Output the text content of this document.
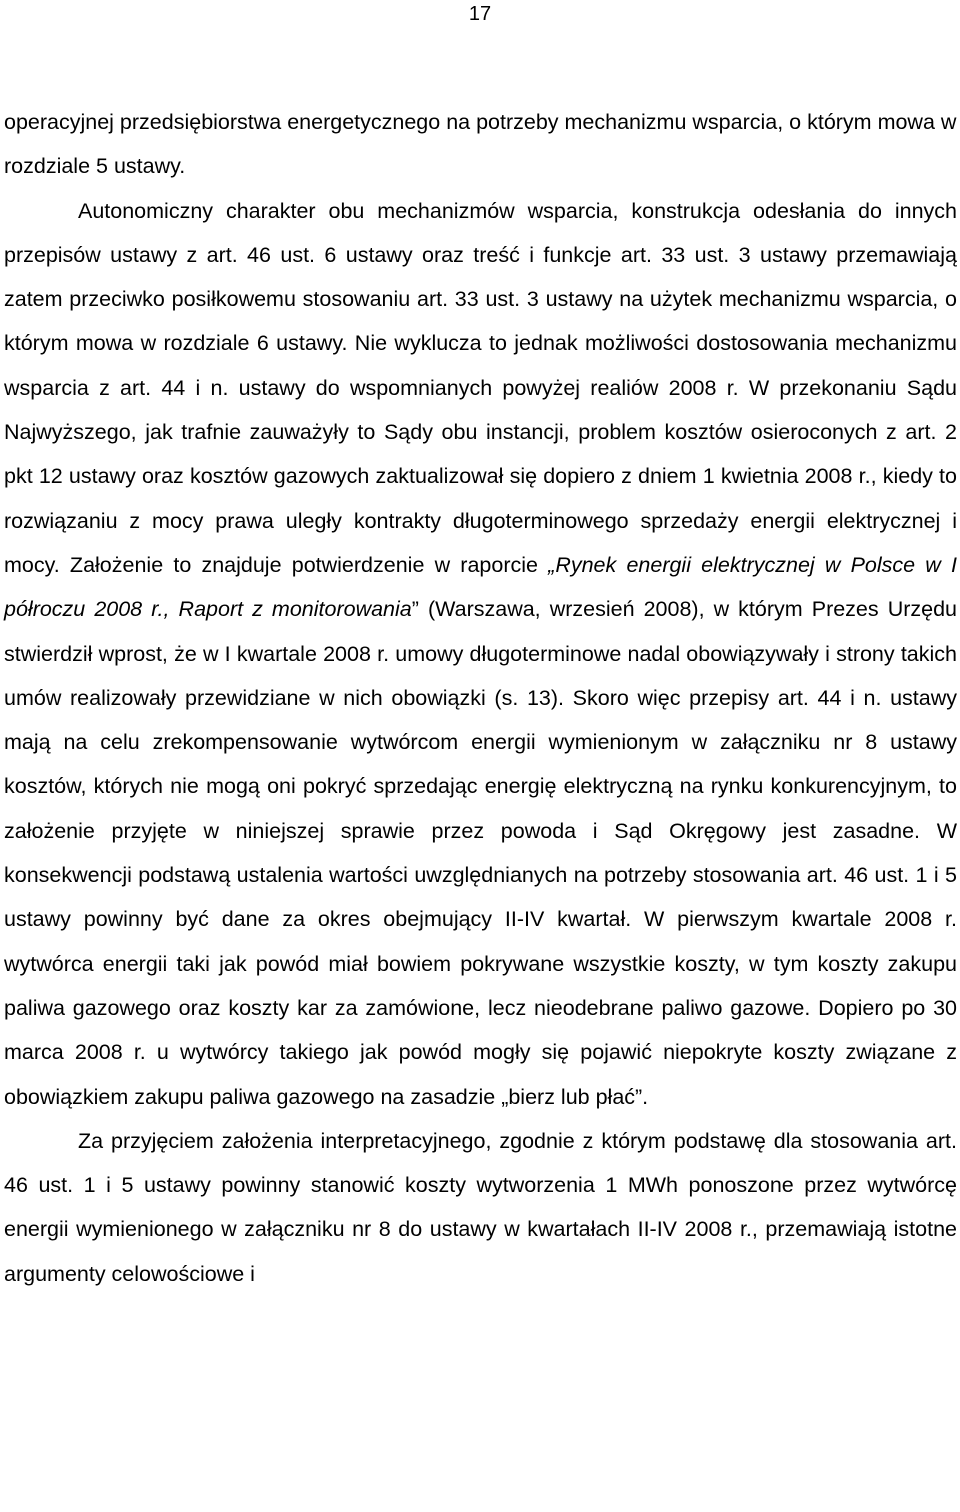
17

operacyjnej przedsiębiorstwa energetycznego na potrzeby mechanizmu wsparcia, o którym mowa w rozdziale 5 ustawy.

Autonomiczny charakter obu mechanizmów wsparcia, konstrukcja odesłania do innych przepisów ustawy z art. 46 ust. 6 ustawy oraz treść i funkcje art. 33 ust. 3 ustawy przemawiają zatem przeciwko posiłkowemu stosowaniu art. 33 ust. 3 ustawy na użytek mechanizmu wsparcia, o którym mowa w rozdziale 6 ustawy. Nie wyklucza to jednak możliwości dostosowania mechanizmu wsparcia z art. 44 i n. ustawy do wspomnianych powyżej realiów 2008 r. W przekonaniu Sądu Najwyższego, jak trafnie zauważyły to Sądy obu instancji, problem kosztów osieroconych z art. 2 pkt 12 ustawy oraz kosztów gazowych zaktualizował się dopiero z dniem 1 kwietnia 2008 r., kiedy to rozwiązaniu z mocy prawa uległy kontrakty długoterminowego sprzedaży energii elektrycznej i mocy. Założenie to znajduje potwierdzenie w raporcie „Rynek energii elektrycznej w Polsce w I półroczu 2008 r., Raport z monitorowania” (Warszawa, wrzesień 2008), w którym Prezes Urzędu stwierdził wprost, że w I kwartale 2008 r. umowy długoterminowe nadal obowiązywały i strony takich umów realizowały przewidziane w nich obowiązki (s. 13). Skoro więc przepisy art. 44 i n. ustawy mają na celu zrekompensowanie wytwórcom energii wymienionym w załączniku nr 8 ustawy kosztów, których nie mogą oni pokryć sprzedając energię elektryczną na rynku konkurencyjnym, to założenie przyjęte w niniejszej sprawie przez powoda i Sąd Okręgowy jest zasadne. W konsekwencji podstawą ustalenia wartości uwzględnianych na potrzeby stosowania art. 46 ust. 1 i 5 ustawy powinny być dane za okres obejmujący II-IV kwartał. W pierwszym kwartale 2008 r. wytwórca energii taki jak powód miał bowiem pokrywane wszystkie koszty, w tym koszty zakupu paliwa gazowego oraz koszty kar za zamówione, lecz nieodebrane paliwo gazowe. Dopiero po 30 marca 2008 r. u wytwórcy takiego jak powód mogły się pojawić niepokryte koszty związane z obowiązkiem zakupu paliwa gazowego na zasadzie „bierz lub płać”.

Za przyjęciem założenia interpretacyjnego, zgodnie z którym podstawę dla stosowania art. 46 ust. 1 i 5 ustawy powinny stanowić koszty wytworzenia 1 MWh ponoszone przez wytwórcę energii wymienionego w załączniku nr 8 do ustawy w kwartałach II-IV 2008 r., przemawiają istotne argumenty celowościowe i
